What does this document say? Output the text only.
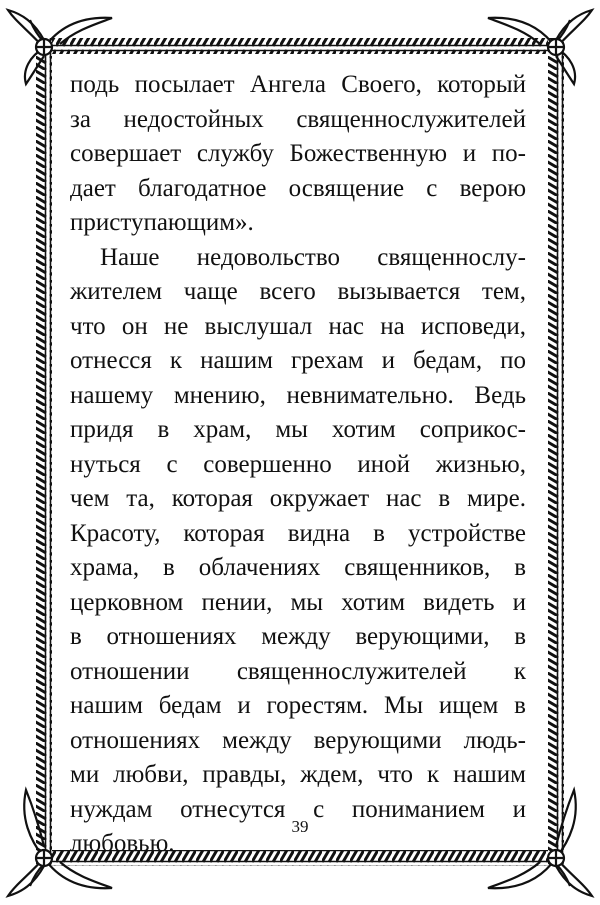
подь посылает Ангела Своего, который
за недостойных священнослужителей
совершает службу Божественную и по-
дает благодатное освящение с верою
приступающим».
Наше недовольство священнослу-
жителем чаще всего вызывается тем,
что он не выслушал нас на исповеди,
отнесся к нашим грехам и бедам, по
нашему мнению, невнимательно. Ведь
придя в храм, мы хотим соприкос-
нуться с совершенно иной жизнью,
чем та, которая окружает нас в мире.
Красоту, которая видна в устройстве
храма, в облачениях священников, в
церковном пении, мы хотим видеть и
в отношениях между верующими, в
отношении священнослужителей к
нашим бедам и горестям. Мы ищем в
отношениях между верующими людь-
ми любви, правды, ждем, что к нашим
нуждам отнесутся с пониманием и
любовью.
39
